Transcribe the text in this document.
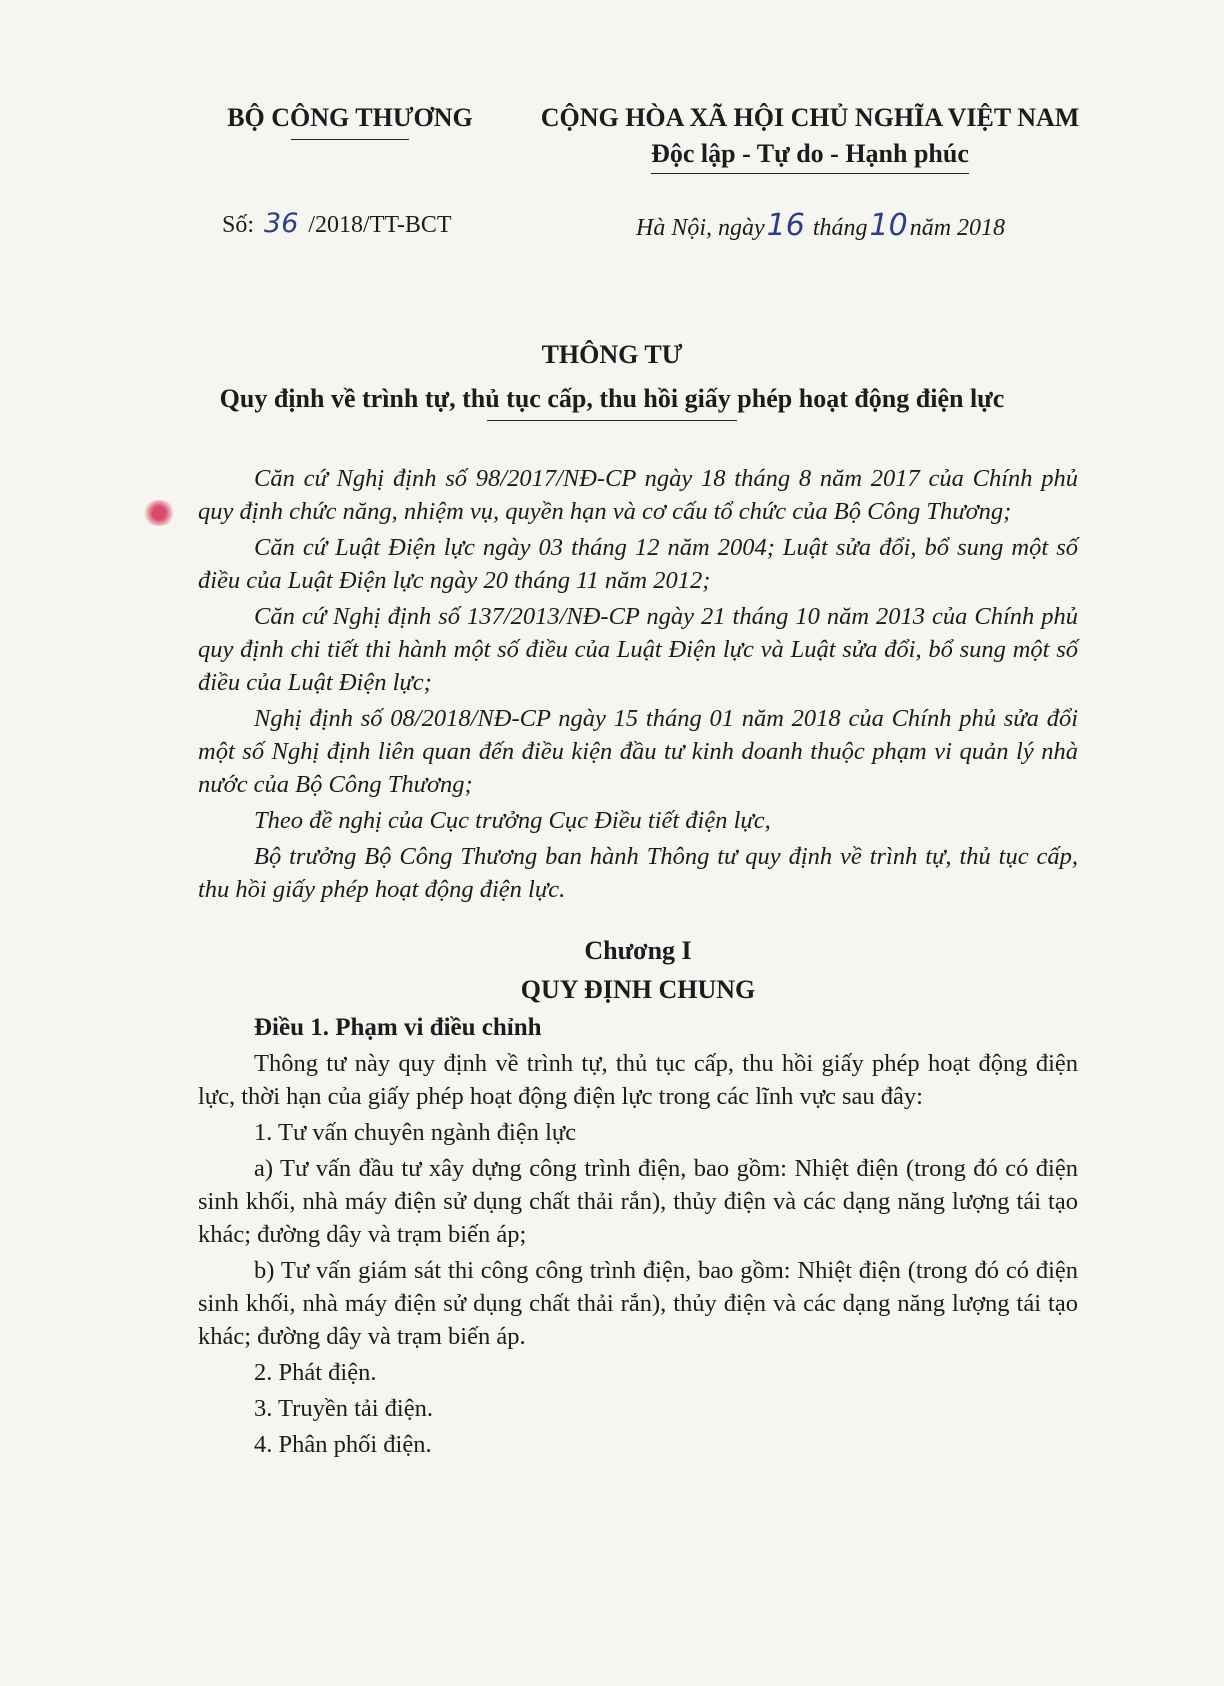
BỘ CÔNG THƯƠNG	CỘNG HÒA XÃ HỘI CHỦ NGHĨA VIỆT NAM
Độc lập - Tự do - Hạnh phúc
Số: 36 /2018/TT-BCT	Hà Nội, ngày16 tháng10năm 2018
THÔNG TƯ
Quy định về trình tự, thủ tục cấp, thu hồi giấy phép hoạt động điện lực

Căn cứ Nghị định số 98/2017/NĐ-CP ngày 18 tháng 8 năm 2017 của Chính phủ quy định chức năng, nhiệm vụ, quyền hạn và cơ cấu tổ chức của Bộ Công Thương;

Căn cứ Luật Điện lực ngày 03 tháng 12 năm 2004; Luật sửa đổi, bổ sung một số điều của Luật Điện lực ngày 20 tháng 11 năm 2012;

Căn cứ Nghị định số 137/2013/NĐ-CP ngày 21 tháng 10 năm 2013 của Chính phủ quy định chi tiết thi hành một số điều của Luật Điện lực và Luật sửa đổi, bổ sung một số điều của Luật Điện lực;

Nghị định số 08/2018/NĐ-CP ngày 15 tháng 01 năm 2018 của Chính phủ sửa đổi một số Nghị định liên quan đến điều kiện đầu tư kinh doanh thuộc phạm vi quản lý nhà nước của Bộ Công Thương;

Theo đề nghị của Cục trưởng Cục Điều tiết điện lực,

Bộ trưởng Bộ Công Thương ban hành Thông tư quy định về trình tự, thủ tục cấp, thu hồi giấy phép hoạt động điện lực.

Chương I

QUY ĐỊNH CHUNG

Điều 1. Phạm vi điều chỉnh

Thông tư này quy định về trình tự, thủ tục cấp, thu hồi giấy phép hoạt động điện lực, thời hạn của giấy phép hoạt động điện lực trong các lĩnh vực sau đây:

1. Tư vấn chuyên ngành điện lực

a) Tư vấn đầu tư xây dựng công trình điện, bao gồm: Nhiệt điện (trong đó có điện sinh khối, nhà máy điện sử dụng chất thải rắn), thủy điện và các dạng năng lượng tái tạo khác; đường dây và trạm biến áp;

b) Tư vấn giám sát thi công công trình điện, bao gồm: Nhiệt điện (trong đó có điện sinh khối, nhà máy điện sử dụng chất thải rắn), thủy điện và các dạng năng lượng tái tạo khác; đường dây và trạm biến áp.

2. Phát điện.

3. Truyền tải điện.

4. Phân phối điện.
